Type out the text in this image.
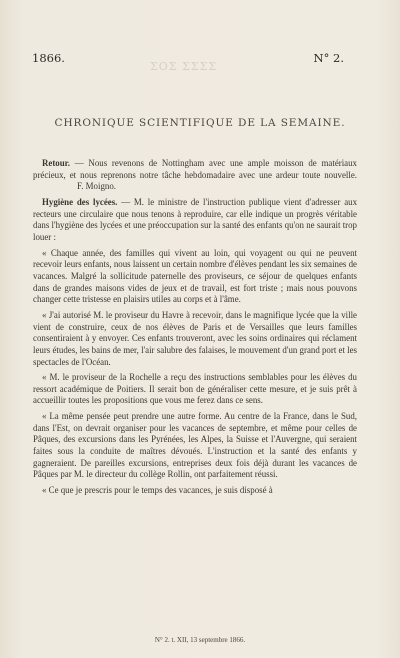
ΣOΣ ΣΣΣΣ
1866.	N° 2.
CHRONIQUE SCIENTIFIQUE DE LA SEMAINE.

Retour. — Nous revenons de Nottingham avec une ample moisson de matériaux précieux, et nous reprenons notre tâche hebdomadaire avec une ardeur toute nouvelle. F. Moigno.

Hygiène des lycées. — M. le ministre de l'instruction publique vient d'adresser aux recteurs une circulaire que nous tenons à reproduire, car elle indique un progrès véritable dans l'hygiène des lycées et une préoccupation sur la santé des enfants qu'on ne saurait trop louer :

« Chaque année, des familles qui vivent au loin, qui voyagent ou qui ne peuvent recevoir leurs enfants, nous laissent un certain nombre d'élèves pendant les six semaines de vacances. Malgré la sollicitude paternelle des proviseurs, ce séjour de quelques enfants dans de grandes maisons vides de jeux et de travail, est fort triste ; mais nous pouvons changer cette tristesse en plaisirs utiles au corps et à l'âme.

« J'ai autorisé M. le proviseur du Havre à recevoir, dans le magnifique lycée que la ville vient de construire, ceux de nos élèves de Paris et de Versailles que leurs familles consentiraient à y envoyer. Ces enfants trouveront, avec les soins ordinaires qui réclament leurs études, les bains de mer, l'air salubre des falaises, le mouvement d'un grand port et les spectacles de l'Océan.

« M. le proviseur de la Rochelle a reçu des instructions semblables pour les élèves du ressort académique de Poitiers. Il serait bon de généraliser cette mesure, et je suis prêt à accueillir toutes les propositions que vous me ferez dans ce sens.

« La même pensée peut prendre une autre forme. Au centre de la France, dans le Sud, dans l'Est, on devrait organiser pour les vacances de septembre, et même pour celles de Pâques, des excursions dans les Pyrénées, les Alpes, la Suisse et l'Auvergne, qui seraient faites sous la conduite de maîtres dévoués. L'instruction et la santé des enfants y gagneraient. De pareilles excursions, entreprises deux fois déjà durant les vacances de Pâques par M. le directeur du collège Rollin, ont parfaitement réussi.

« Ce que je prescris pour le temps des vacances, je suis disposé à

N° 2. t. XII, 13 septembre 1866.
